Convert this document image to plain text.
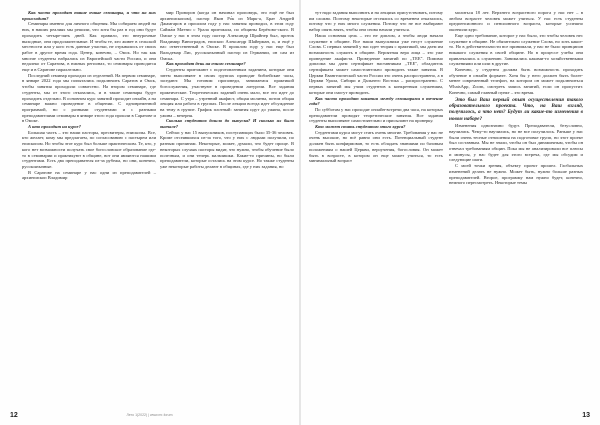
Как часто проходят такие очные семинары, и что на них происходит?

Семинары именно для личного общения. Мы собираем людей на них, в наших реалиях мы решили, что хотя бы раз в год они будут проходить четыре-пять дней. Как правило, это внеурочные выходные, они продолжительные. И чтобы те, кто живет в сельской местности или у кого есть данные участки, не отрывались от своих работ в другое время года. Центр, конечно, – Омск. Но так как многие студенты набрались из Европейской части России, и они недалеко от Саратова, в южных регионах, то семинары проводятся еще и в Саратове параллельно.

Последний семинар проходил из отделений. На первом семинаре, в январе 2022 года мы попытались подключить Саратов и Омск, чтобы занятия проходили совместно. На втором семинаре, где студенты, мы от этого отказались, и в такие семинары будут проходить отдельно. В основном курс занятий проходит онлайн, а на семинаре важно проведение в общении. С одновременной программой, но с разными студентами и с разными преподавателями семинары в январе этого года прошли в Саратове и в Омске.

А кто проходит на курсе?

Большая часть – это наши пасторы, пресвитеры, епископы. Все, кто желает, кому мы предлагаем, по согласованию с пастырем или епископом. Но чтобы этот курс был больше практическим. Те, кто, у кого нет возможности получать свое богословское образование где-то в семинарии и практикуют в общине, вот они являются нашими студентами. Есть два преподавателя из-за рубежа, но они, конечно, русскоязычные.

В Саратове на семинаре у нас одни из преподавателей – архиепископ Владимир

мир Проворов (когда он начинал проповедь, это ещё не был архиепископом), пастор Яков Ро́к из Марк-а, Брат Андрей Джамгаров и прошлом году у нас занятия проводил, в этом году Сайма́м Маттис с Урала приезжала, по общины Берёзово-ского. В Омске у нас в этом году пастор Александр Шрайнер был, проток Владимир Виноградов, епископ Александр Шайерман, и, и ещё у нас ответственный в Омске. В прошлом году у нас еще был Вальдемар Лис, русскоязычный пастор из Германии, он сам из Омска.

Как проходят день на очном семинаре?

Студенты приезжают с подготовленным заданием, которые они затем выполняют в своих группах проводят библейские часы, заседают. Мы готовим проповеди, занимаемся практикой богослужения, участвуют в проведении литургии. Все задания практические. Теоретических заданий очень мало, все это идет до семинара. С утра – утренний акафист, общая молитва, потом общая лекция или работа в группах. После лекции всегда идет обсуждение на тему в группе. График плотный: занятия идут до ужина, после ужина – вечерня.

Сколько студентов дошло до выпуска? И сколько их было вначале?

Сейчас у нас 15 выпускников, поступающих было 35-36 человек. Кроме отсеявшихся из-за того, что у них с людьми получили, по разным причинам. Некоторые, может, думали, что будет проще. В некоторых случаях пасторы видят, что нужно, чтобы обучение было полезным, и они теперь мальчишки. Какие-то причины, но были преподаватели, которые остались на этом курсе. Но также студенты уже некоторые работы делают в общинах, где у них задания, но

12	Лето 1(2022) | www.mr-forum

тут надо задания выполнить и на лекциях присутствовать, потому им сложно. Поэтому некоторые отсеялись со временем отказались, потому что у них много служения. Потому что не все выбирают набор опять взять, чтобы они снова начали учиться.

Наша основная цель – это не диплом, а чтобы люди начали служение в общине. Все наши выпускники уже несут служение Слова. С первых занятий у нас идет теория с практикой, мы даем им возможность служить в общине. Вероятная вера лица – это уже проведение акафиста. Проведение занятий по ,,ТЕЕ". Помимо диплома мы даем сертификат наставникам ,,ТЕЕ", обладатель сертификата может самостоятельно проводить такие занятия. В Церкви Евангелической части России это очень распространено, а в Церкви Урала, Сибири и Дальнего Востока – распространено. С первых занятий мы учим студентов к конкретным служениям, которые они смогут проводить.

Как часто проходят занятия между семинарами в течение года?

По субботам у нас проходят онлайн-встречи два часа, на которых преподаватели проводят теоретические занятия. Все задания студенты выполняют самостоятельно и присылают на проверку.

Кто может стать студентом этого курса?

Студентами курса могут стать очень многие. Требования у нас не очень высокие, но всё равно они есть. Потенциальный студент должен быть конфирмован, то есть обладать знаниями по базовым положениям о нашей Церкви, вероучения, богословия. Он может быть в возрасте, в котором он еще может учиться, то есть минимальный возраст

молиться 18 лет. Верхнего возрастного порога у нас нет – в любом возрасте человек может учиться. У нас есть студенты предпенсионного и пенсионного возраста, которые успешно окончили курс.

Еще одно требование, которое у нас было, это чтобы человек нес служение в общине. Не обязательно служение Слова, но хоть какое-то. Но в действительности все принимали, у нас не было принципов никакого служения в своей общине. Но в процессе учебы они привлекались к служению. Занимались какими-то хозяйственными служениями или шли в другие.

Конечно, у студента должна быть возможность проходить обучение в онлайн формате. Хотя бы у него должен быть более-менее современный телефон, на котором он может подключиться WhatsApp, Zoom, смотреть запись занятий, если он пропустит. Конечно, самый главный пункт – это время.

Это был Ваш первый опыт осуществления такого образовательного проекта. Что, на Ваш взгляд, получилось, а что нет? Будут ли какие-то изменения в новом наборе?

Изменения однозначно будут. Преподаватели, безусловно, научились. Чему-то научились, но не все получилось. Раньше у нас были очень тесные отношения на подготовке групп, но этот проект был составным. Мы не знали, чтобы он был динамичным, чтобы он отвечал требованиям общин. Пока мы не анализировали все плюсы и минусы, у нас будет для этого встреча, где мы обсудим и следующие шаги.

С моей точки зрения, объекту проект прошел. Глобальных изменений делать не нужно. Может быть, нужно больше разных преподавателей. Второе, программу нам нужно будет, конечно, немного пересмотреть. Некоторые темы

13
